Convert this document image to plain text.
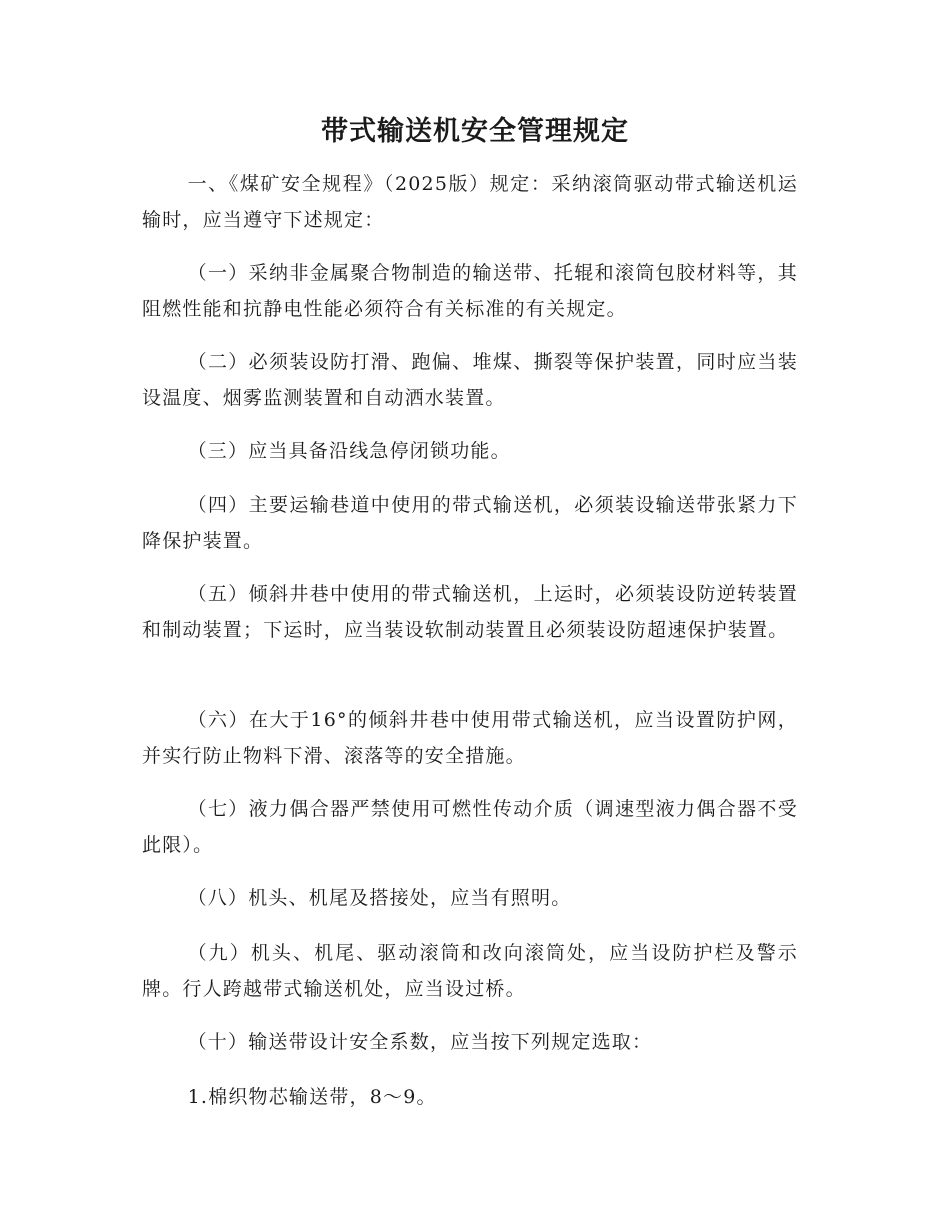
带式输送机安全管理规定

一、《煤矿安全规程》（2025版）规定：采纳滚筒驱动带式输送机运输时，应当遵守下述规定：

（一）采纳非金属聚合物制造的输送带、托辊和滚筒包胶材料等，其阻燃性能和抗静电性能必须符合有关标准的有关规定。

（二）必须装设防打滑、跑偏、堆煤、撕裂等保护装置，同时应当装设温度、烟雾监测装置和自动洒水装置。

（三）应当具备沿线急停闭锁功能。

（四）主要运输巷道中使用的带式输送机，必须装设输送带张紧力下降保护装置。

（五）倾斜井巷中使用的带式输送机，上运时，必须装设防逆转装置和制动装置；下运时，应当装设软制动装置且必须装设防超速保护装置。

（六）在大于16°的倾斜井巷中使用带式输送机，应当设置防护网，并实行防止物料下滑、滚落等的安全措施。

（七）液力偶合器严禁使用可燃性传动介质（调速型液力偶合器不受此限）。

（八）机头、机尾及搭接处，应当有照明。

（九）机头、机尾、驱动滚筒和改向滚筒处，应当设防护栏及警示牌。行人跨越带式输送机处，应当设过桥。

（十）输送带设计安全系数，应当按下列规定选取：

1.棉织物芯输送带，8～9。
